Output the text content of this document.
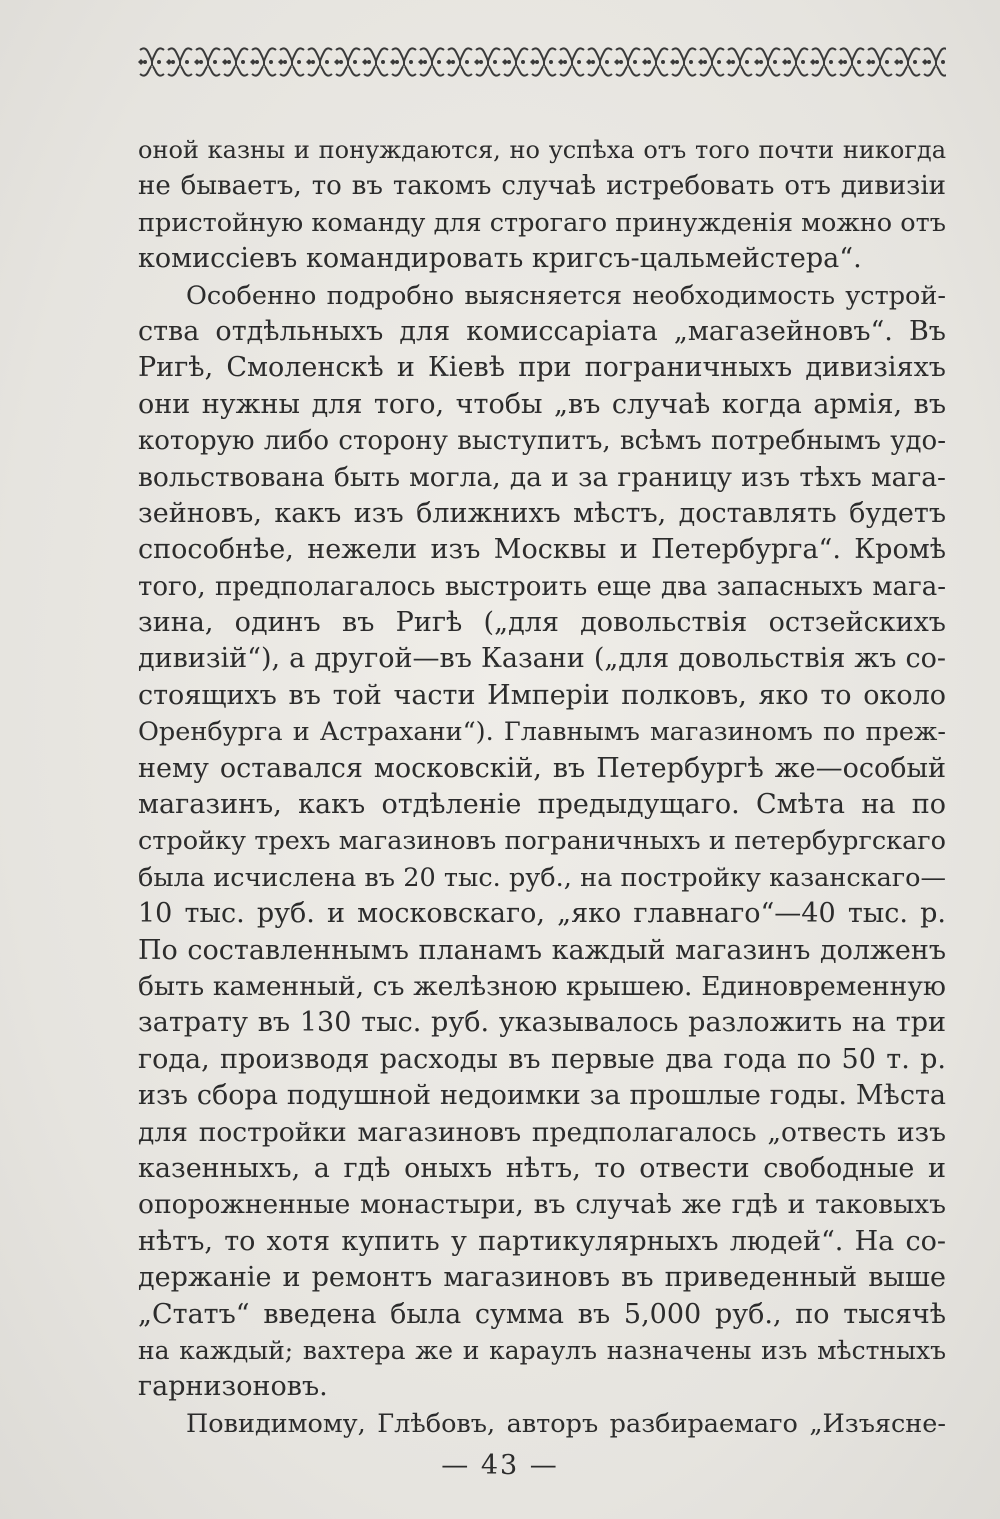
оной казны и понуждаются, но успѣха отъ того почти никогда
не бываетъ, то въ такомъ случаѣ истребовать отъ дивизіи
пристойную команду для строгаго принужденія можно отъ
комиссіевъ командировать кригсъ-цальмейстера“.
Особенно подробно выясняется необходимость устрой-
ства отдѣльныхъ для комиссаріата „магазейновъ“. Въ
Ригѣ, Смоленскѣ и Кіевѣ при пограничныхъ дивизіяхъ
они нужны для того, чтобы „въ случаѣ когда армія, въ
которую либо сторону выступитъ, всѣмъ потребнымъ удо-
вольствована быть могла, да и за границу изъ тѣхъ мага-
зейновъ, какъ изъ ближнихъ мѣстъ, доставлять будетъ
способнѣе, нежели изъ Москвы и Петербурга“. Кромѣ
того, предполагалось выстроить еще два запасныхъ мага-
зина, одинъ въ Ригѣ („для довольствія остзейскихъ
дивизій“), а другой—въ Казани („для довольствія жъ со-
стоящихъ въ той части Имперіи полковъ, яко то около
Оренбурга и Астрахани“). Главнымъ магазиномъ по преж-
нему оставался московскій, въ Петербургѣ же—особый
магазинъ, какъ отдѣленіе предыдущаго. Смѣта на по
стройку трехъ магазиновъ пограничныхъ и петербургскаго
была исчислена въ 20 тыс. руб., на постройку казанскаго—
10 тыс. руб. и московскаго, „яко главнаго“—40 тыс. р.
По составленнымъ планамъ каждый магазинъ долженъ
быть каменный, съ желѣзною крышею. Единовременную
затрату въ 130 тыс. руб. указывалось разложить на три
года, производя расходы въ первые два года по 50 т. р.
изъ сбора подушной недоимки за прошлые годы. Мѣста
для постройки магазиновъ предполагалось „отвесть изъ
казенныхъ, а гдѣ оныхъ нѣтъ, то отвести свободные и
опорожненные монастыри, въ случаѣ же гдѣ и таковыхъ
нѣтъ, то хотя купить у партикулярныхъ людей“. На со-
держаніе и ремонтъ магазиновъ въ приведенный выше
„Статъ“ введена была сумма въ 5,000 руб., по тысячѣ
на каждый; вахтера же и караулъ назначены изъ мѣстныхъ
гарнизоновъ.
Повидимому, Глѣбовъ, авторъ разбираемаго „Изъясне-
— 43 —
